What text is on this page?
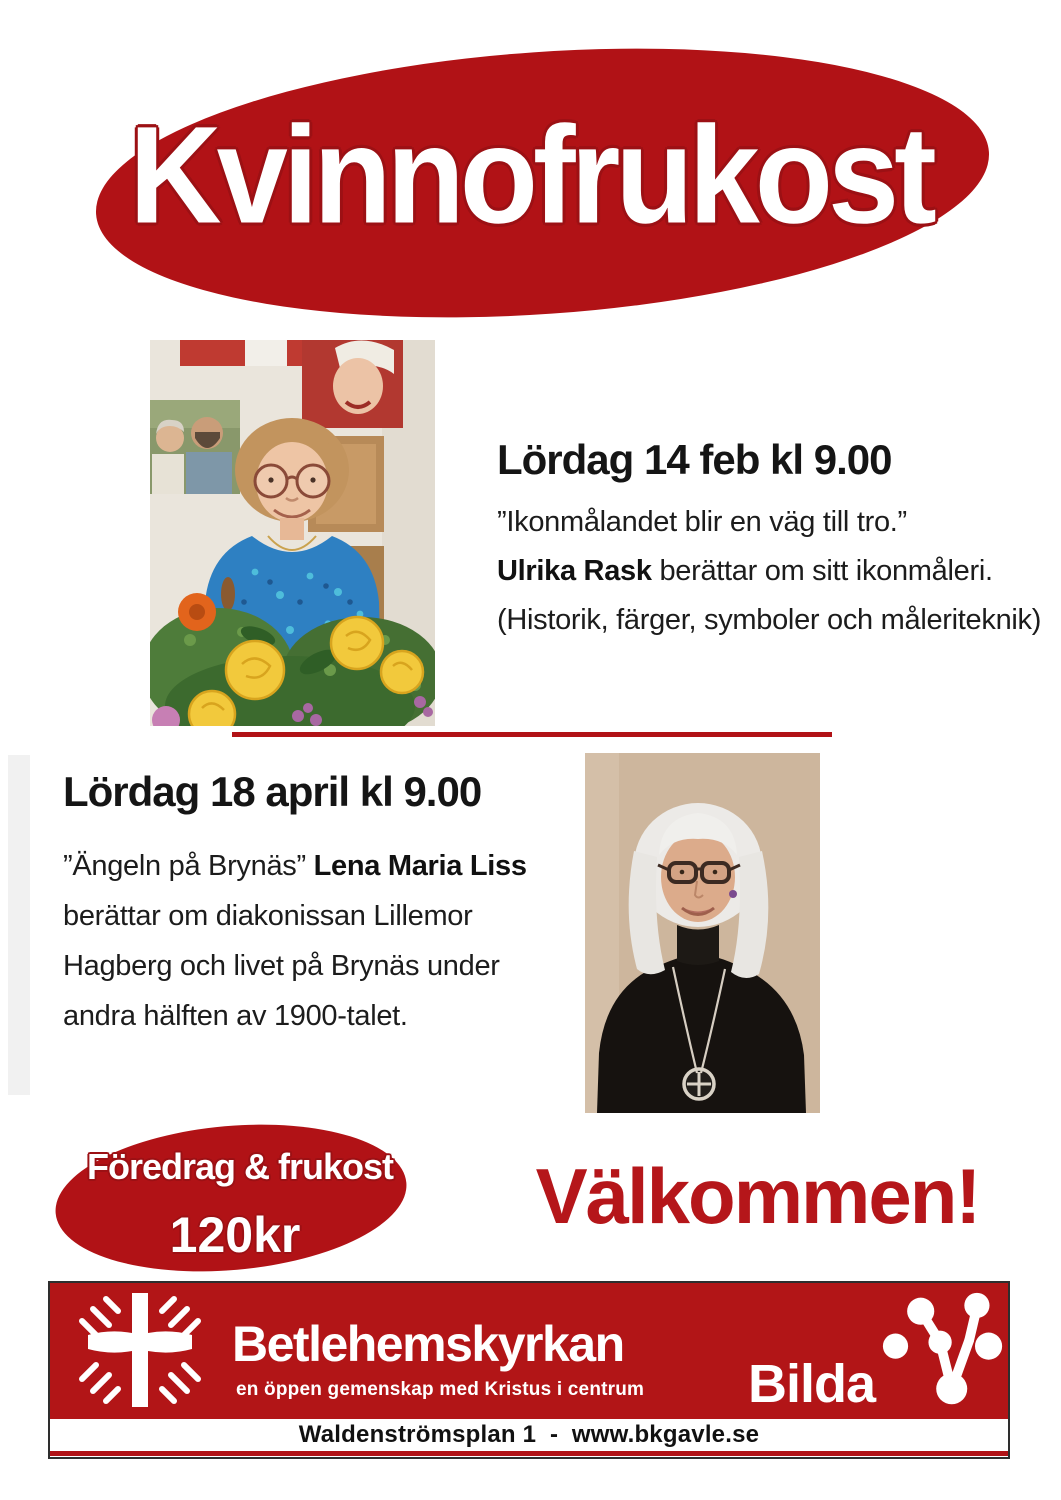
Kvinnofrukost
Lördag 14 feb kl 9.00

”Ikonmålandet blir en väg till tro.”
Ulrika Rask berättar om sitt ikonmåleri. (Historik, färger, symboler och måleriteknik)

Lördag 18 april kl 9.00

”Ängeln på Brynäs” Lena Maria Liss berättar om diakonissan Lillemor Hagberg och livet på Brynäs under andra hälften av 1900-talet.

Föredrag & frukost
120kr	Välkommen!
Betlehemskyrkan
en öppen gemenskap med Kristus i centrum Bilda
Waldenströmsplan 1  -  www.bkgavle.se
